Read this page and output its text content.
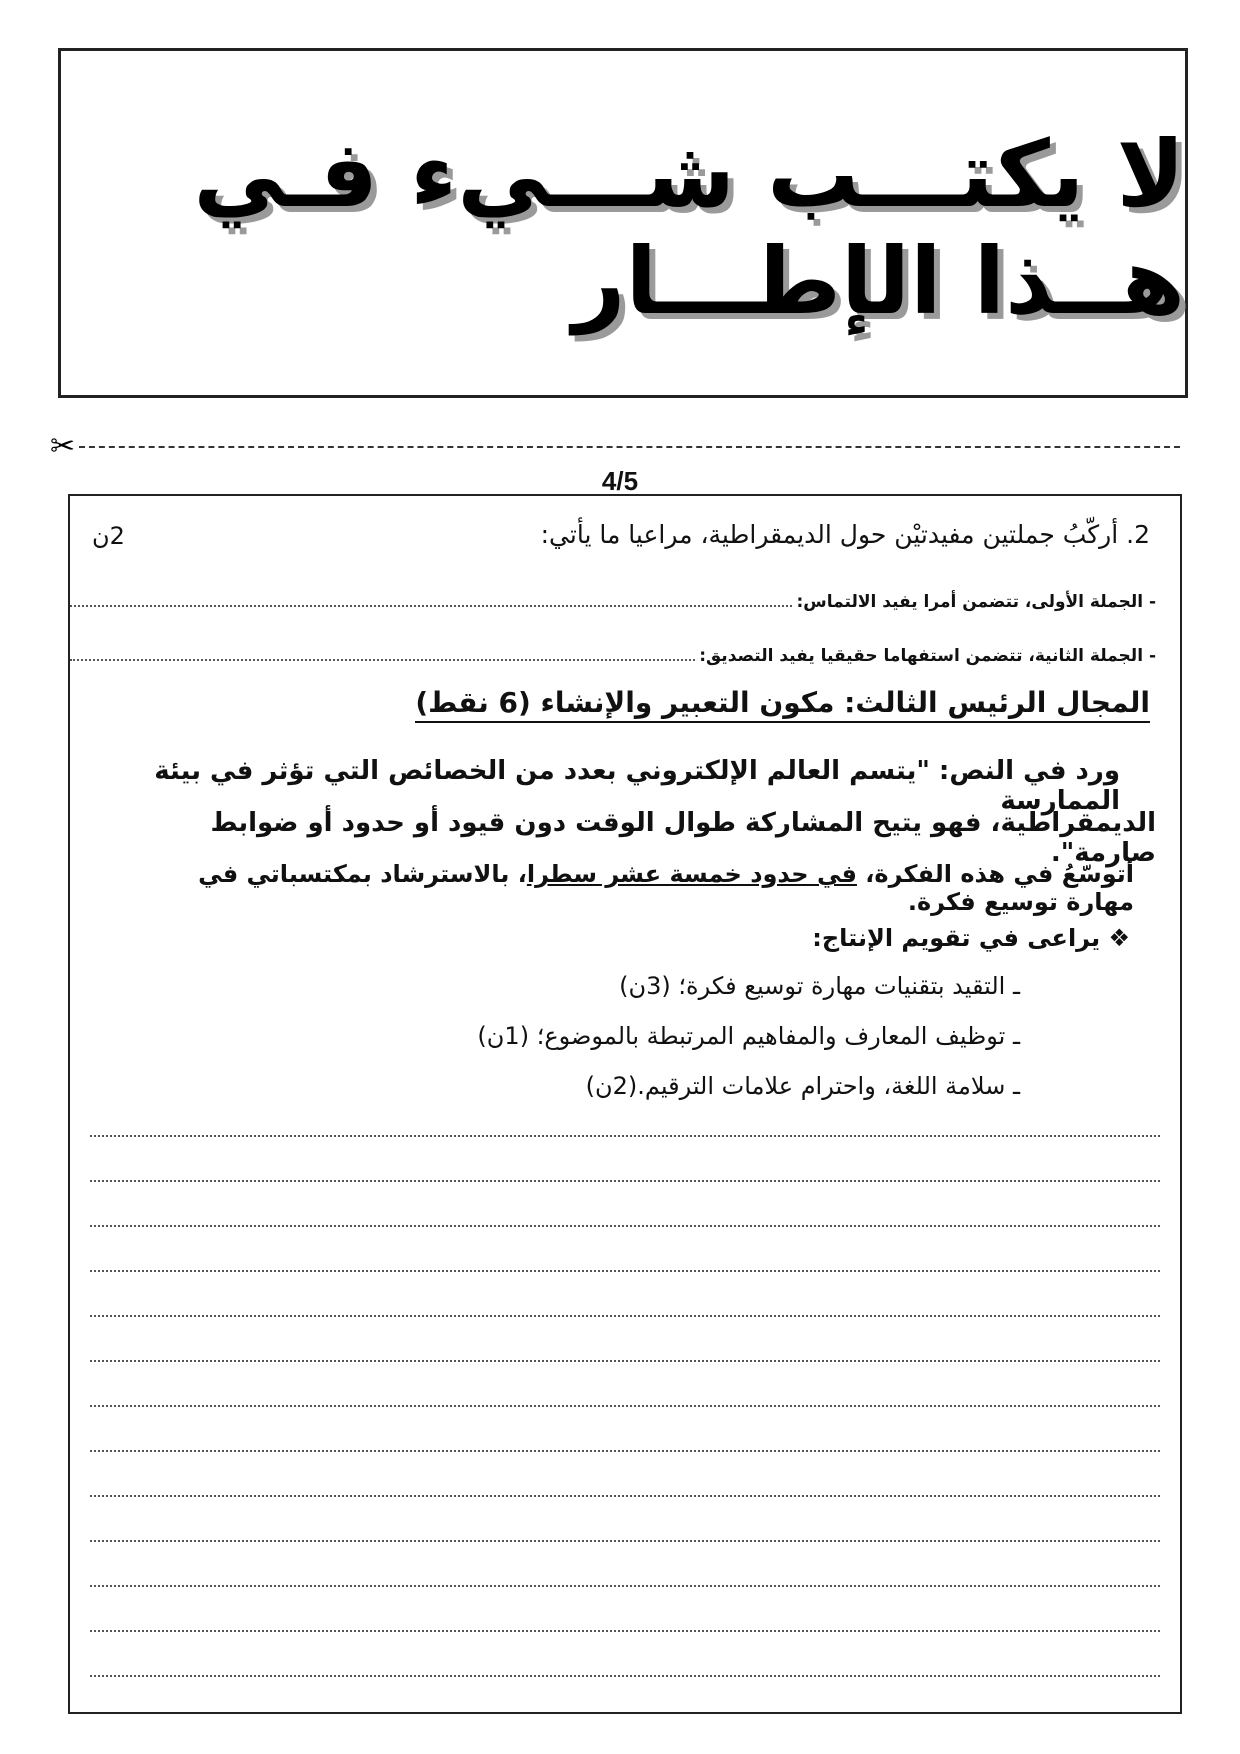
لا يكتـــب شـــيء فـي هــذا الإطـــار
✂
4/5
2. أركّبُ جملتين مفيدتيْن حول الديمقراطية، مراعيا ما يأتي:
2ن
- الجملة الأولى، تتضمن أمرا يفيد الالتماس:
- الجملة الثانية، تتضمن استفهاما حقيقيا يفيد التصديق:
المجال الرئيس الثالث: مكون التعبير والإنشاء (6 نقط)
ورد في النص: "يتسم العالم الإلكتروني بعدد من الخصائص التي تؤثر في بيئة الممارسة
الديمقراطية، فهو يتيح المشاركة طوال الوقت دون قيود أو حدود أو ضوابط صارمة".
أتوسّعُ في هذه الفكرة، في حدود خمسة عشر سطرا، بالاسترشاد بمكتسباتي في مهارة توسيع فكرة.
❖ يراعى في تقويم الإنتاج:
ـ التقيد بتقنيات مهارة توسيع فكرة؛ (3ن)
ـ توظيف المعارف والمفاهيم المرتبطة بالموضوع؛ (1ن)
ـ سلامة اللغة، واحترام علامات الترقيم.(2ن)
